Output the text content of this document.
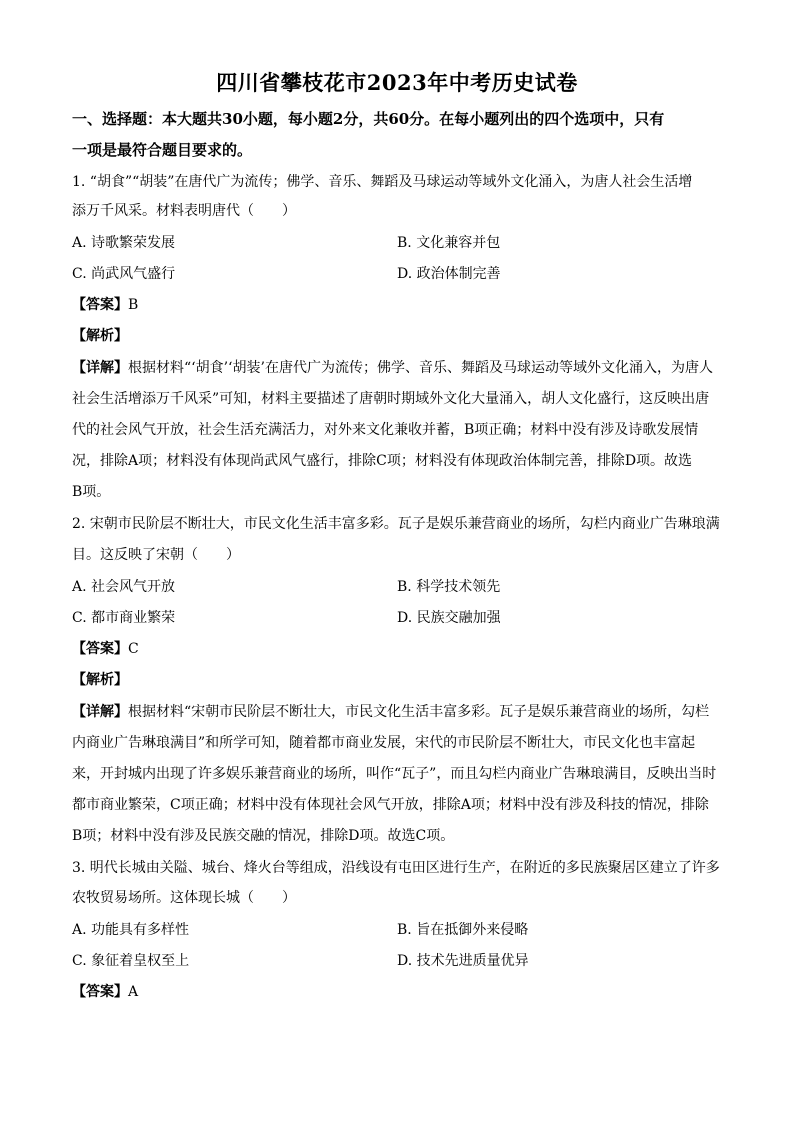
四川省攀枝花市2023年中考历史试卷
一、选择题：本大题共30小题，每小题2分，共60分。在每小题列出的四个选项中，只有
一项是最符合题目要求的。
1. “胡食”“胡装”在唐代广为流传；佛学、音乐、舞蹈及马球运动等域外文化涌入，为唐人社会生活增
添万千风采。材料表明唐代（　　）
A. 诗歌繁荣发展	B. 文化兼容并包
C. 尚武风气盛行	D. 政治体制完善
【答案】B
【解析】
【详解】根据材料“‘胡食’‘胡装’在唐代广为流传；佛学、音乐、舞蹈及马球运动等域外文化涌入，为唐人
社会生活增添万千风采”可知，材料主要描述了唐朝时期域外文化大量涌入，胡人文化盛行，这反映出唐
代的社会风气开放，社会生活充满活力，对外来文化兼收并蓄，B项正确；材料中没有涉及诗歌发展情
况，排除A项；材料没有体现尚武风气盛行，排除C项；材料没有体现政治体制完善，排除D项。故选
B项。
2. 宋朝市民阶层不断壮大，市民文化生活丰富多彩。瓦子是娱乐兼营商业的场所，勾栏内商业广告琳琅满
目。这反映了宋朝（　　）
A. 社会风气开放	B. 科学技术领先
C. 都市商业繁荣	D. 民族交融加强
【答案】C
【解析】
【详解】根据材料“宋朝市民阶层不断壮大，市民文化生活丰富多彩。瓦子是娱乐兼营商业的场所，勾栏
内商业广告琳琅满目”和所学可知，随着都市商业发展，宋代的市民阶层不断壮大，市民文化也丰富起
来，开封城内出现了许多娱乐兼营商业的场所，叫作“瓦子”，而且勾栏内商业广告琳琅满目，反映出当时
都市商业繁荣，C项正确；材料中没有体现社会风气开放，排除A项；材料中没有涉及科技的情况，排除
B项；材料中没有涉及民族交融的情况，排除D项。故选C项。
3. 明代长城由关隘、城台、烽火台等组成，沿线设有屯田区进行生产，在附近的多民族聚居区建立了许多
农牧贸易场所。这体现长城（　　）
A. 功能具有多样性	B. 旨在抵御外来侵略
C. 象征着皇权至上	D. 技术先进质量优异
【答案】A
